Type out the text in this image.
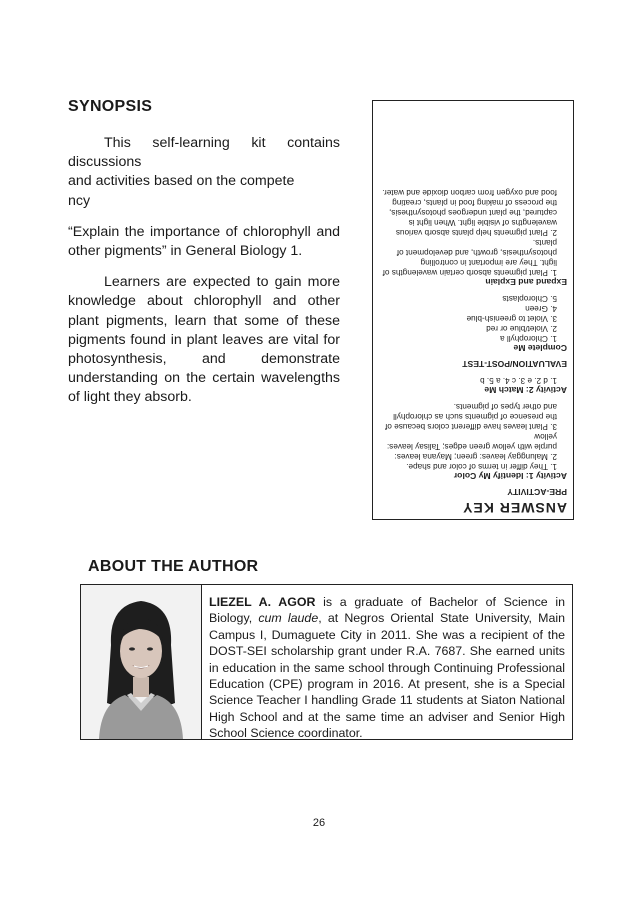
SYNOPSIS

This self-learning kit contains
discussions
and activities based on the compete
ncy

“Explain the importance of chlorophyll and other pigments” in General Biology 1.

Learners are expected to gain more knowledge about chlorophyll and other plant pigments, learn that some of these pigments found in plant leaves are vital for photosynthesis, and demonstrate understanding on the certain wavelengths of light they absorb.

ANSWER KEY
PRE-ACTIVITY
Activity 1: Identify My Color
1. They differ in terms of color and shape.
2. Malunggay leaves: green; Mayana leaves: purple with yellow green edges; Talisay leaves: yellow
3. Plant leaves have different colors because of the presence of pigments such as chlorophyll and other types of pigments.
Activity 2: Match Me
1. d 2. e 3. c 4. a 5. b
EVALUATION/POST-TEST
Complete Me
1. Chlorophyll a
2. Violet/blue or red
3. Violet to greenish-blue
4. Green
5. Chloroplasts
Expand and Explain
1. Plant pigments absorb certain wavelengths of light. They are important in controlling photosynthesis, growth, and development of plants.
2. Plant pigments help plants absorb various wavelengths of visible light. When light is captured, the plant undergoes photosynthesis, the process of making food in plants, creating food and oxygen from carbon dioxide and water.
ABOUT THE AUTHOR

LIEZEL A. AGOR is a graduate of Bachelor of Science in Biology, cum laude, at Negros Oriental State University, Main Campus I, Dumaguete City in 2011. She was a recipient of the DOST-SEI scholarship grant under R.A. 7687. She earned units in education in the same school through Continuing Professional Education (CPE) program in 2016. At present, she is a Special Science Teacher I handling Grade 11 students at Siaton National High School and at the same time an adviser and Senior High School Science coordinator.

26
